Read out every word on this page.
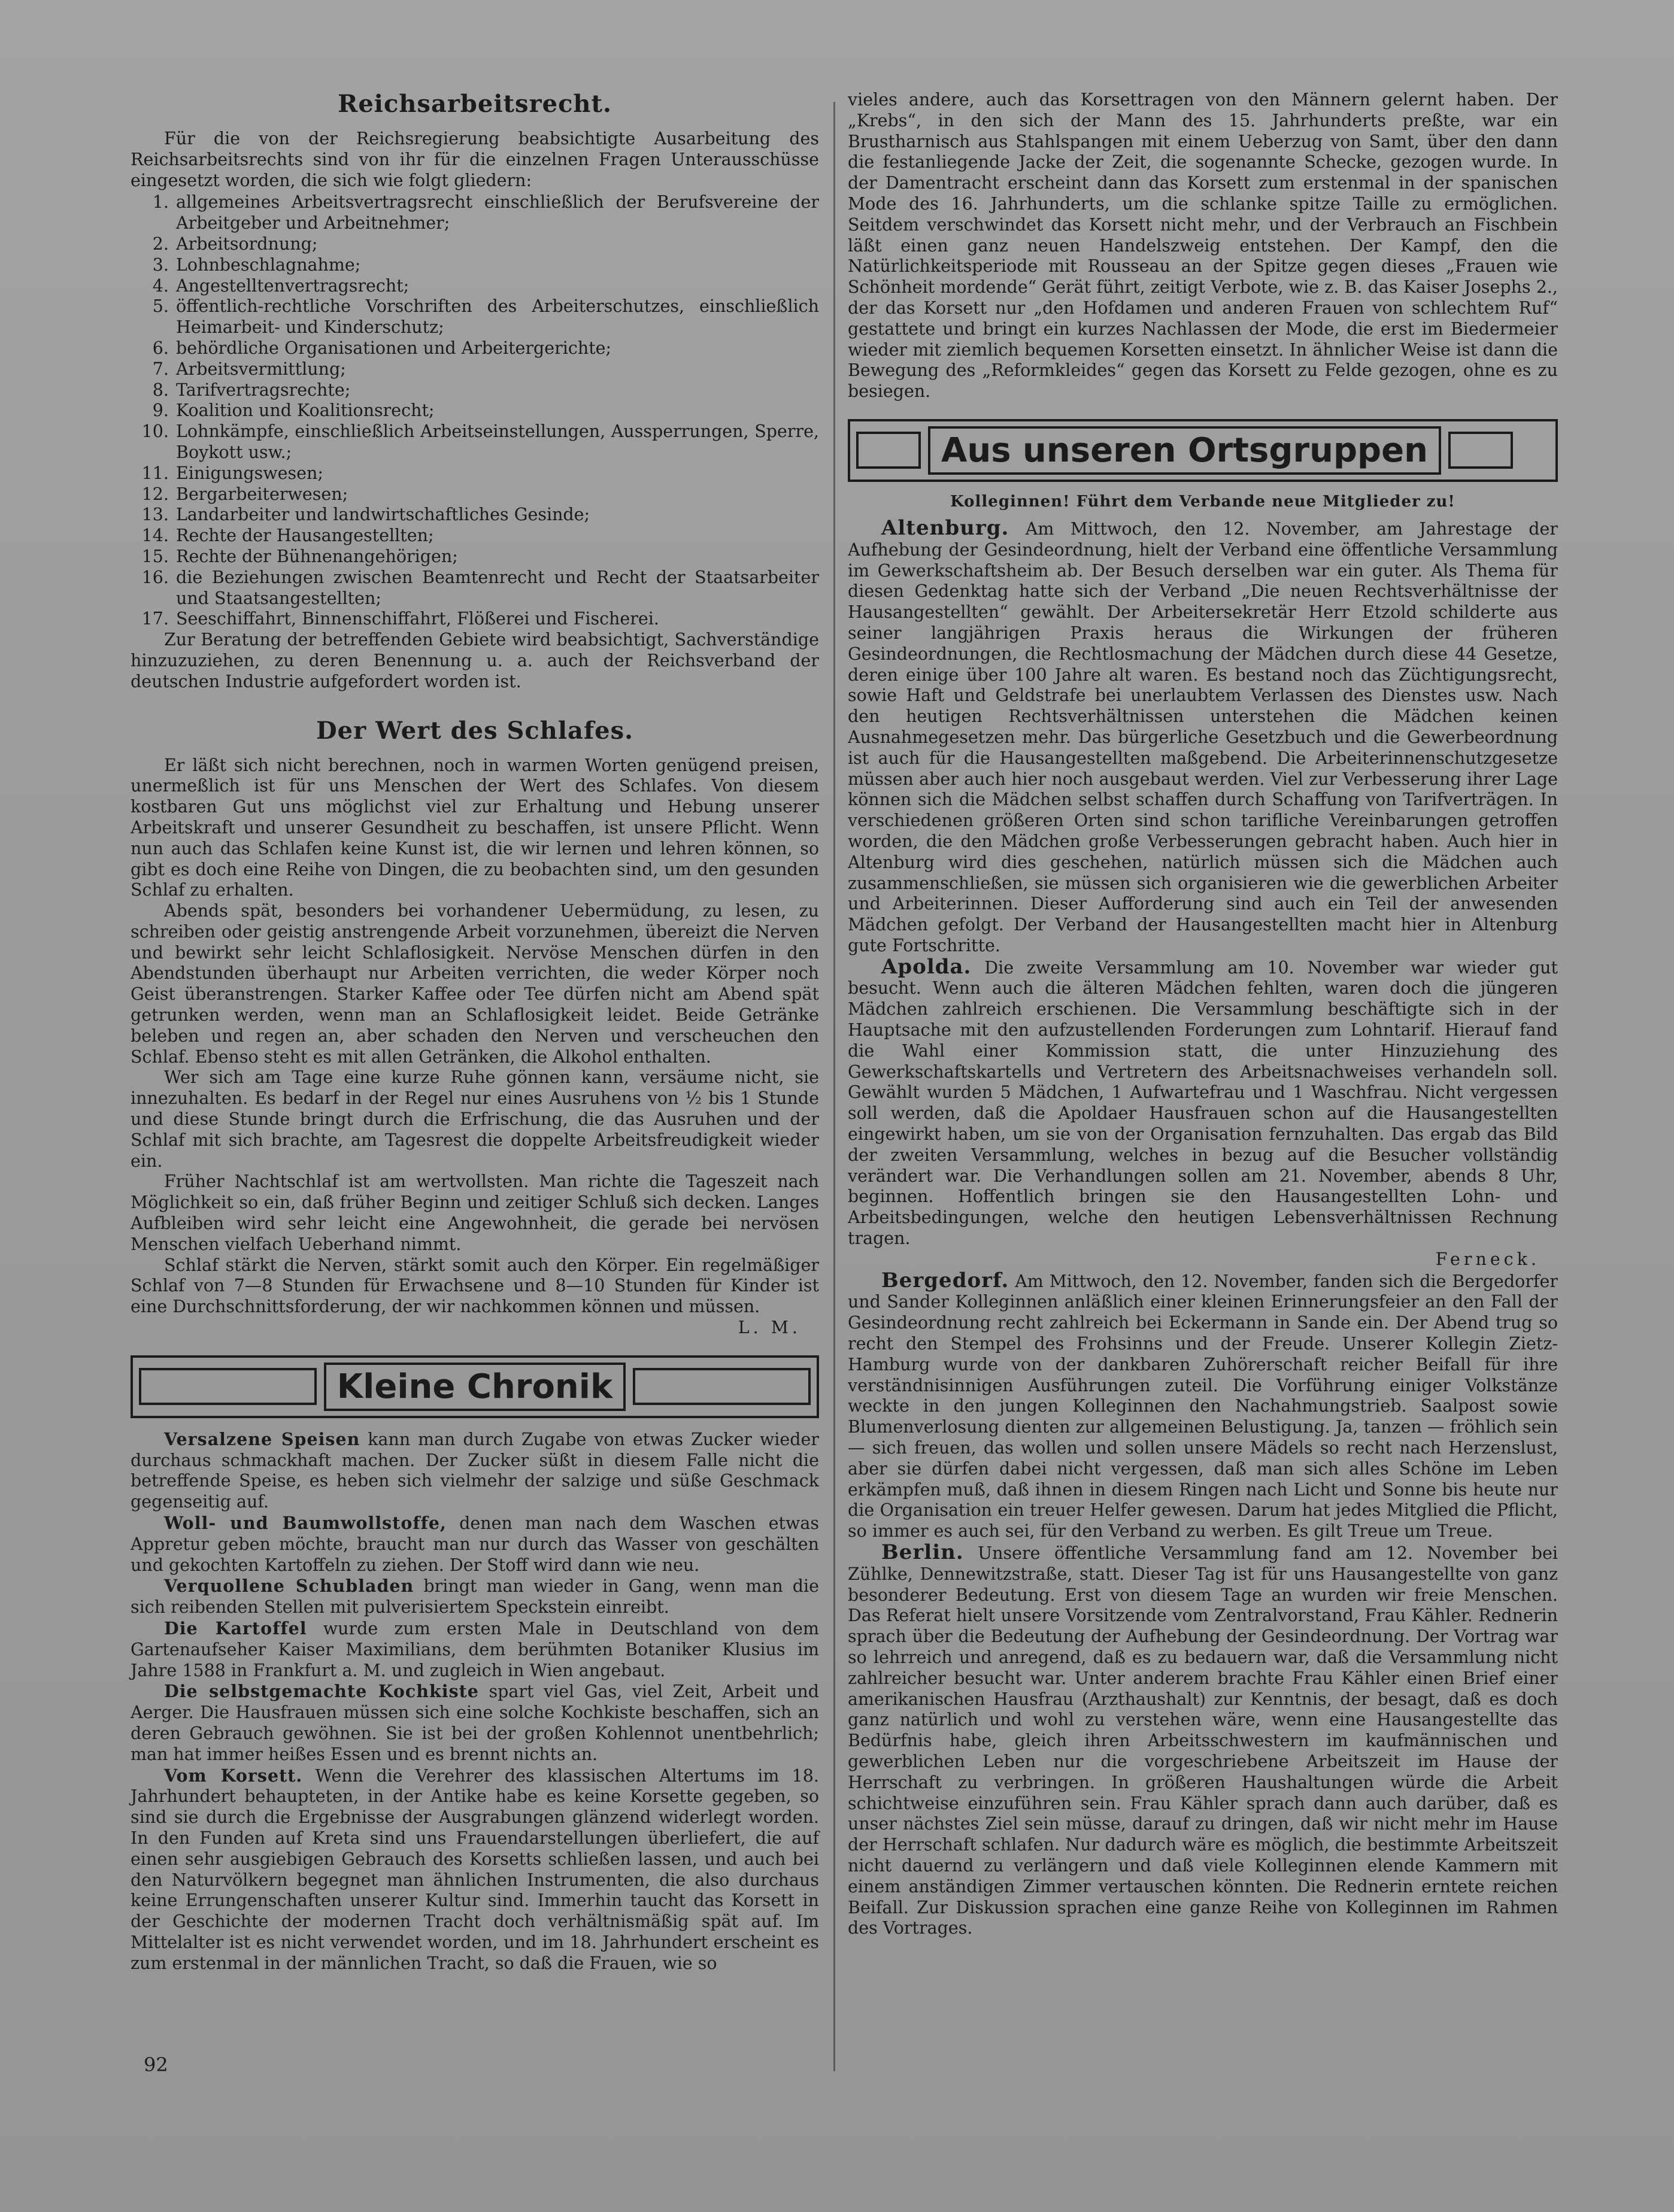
Reichsarbeitsrecht.

Für die von der Reichsregierung beabsichtigte Ausarbeitung des Reichsarbeitsrechts sind von ihr für die einzelnen Fragen Unterausschüsse eingesetzt worden, die sich wie folgt gliedern:

1. allgemeines Arbeitsvertragsrecht einschließlich der Berufsvereine der Arbeitgeber und Arbeitnehmer;
2. Arbeitsordnung;
3. Lohnbeschlagnahme;
4. Angestelltenvertragsrecht;
5. öffentlich-rechtliche Vorschriften des Arbeiterschutzes, einschließlich Heimarbeit- und Kinderschutz;
6. behördliche Organisationen und Arbeitergerichte;
7. Arbeitsvermittlung;
8. Tarifvertragsrechte;
9. Koalition und Koalitionsrecht;
10. Lohnkämpfe, einschließlich Arbeitseinstellungen, Aussperrungen, Sperre, Boykott usw.;
11. Einigungswesen;
12. Bergarbeiterwesen;
13. Landarbeiter und landwirtschaftliches Gesinde;
14. Rechte der Hausangestellten;
15. Rechte der Bühnenangehörigen;
16. die Beziehungen zwischen Beamtenrecht und Recht der Staatsarbeiter und Staatsangestellten;
17. Seeschiffahrt, Binnenschiffahrt, Flößerei und Fischerei.

Zur Beratung der betreffenden Gebiete wird beabsichtigt, Sachverständige hinzuzuziehen, zu deren Benennung u. a. auch der Reichsverband der deutschen Industrie aufgefordert worden ist.

Der Wert des Schlafes.

Er läßt sich nicht berechnen, noch in warmen Worten genügend preisen, unermeßlich ist für uns Menschen der Wert des Schlafes. Von diesem kostbaren Gut uns möglichst viel zur Erhaltung und Hebung unserer Arbeitskraft und unserer Gesundheit zu beschaffen, ist unsere Pflicht. Wenn nun auch das Schlafen keine Kunst ist, die wir lernen und lehren können, so gibt es doch eine Reihe von Dingen, die zu beobachten sind, um den gesunden Schlaf zu erhalten.

Abends spät, besonders bei vorhandener Uebermüdung, zu lesen, zu schreiben oder geistig anstrengende Arbeit vorzunehmen, übereizt die Nerven und bewirkt sehr leicht Schlaflosigkeit. Nervöse Menschen dürfen in den Abendstunden überhaupt nur Arbeiten verrichten, die weder Körper noch Geist überanstrengen. Starker Kaffee oder Tee dürfen nicht am Abend spät getrunken werden, wenn man an Schlaflosigkeit leidet. Beide Getränke beleben und regen an, aber schaden den Nerven und verscheuchen den Schlaf. Ebenso steht es mit allen Getränken, die Alkohol enthalten.

Wer sich am Tage eine kurze Ruhe gönnen kann, versäume nicht, sie innezuhalten. Es bedarf in der Regel nur eines Ausruhens von ½ bis 1 Stunde und diese Stunde bringt durch die Erfrischung, die das Ausruhen und der Schlaf mit sich brachte, am Tagesrest die doppelte Arbeitsfreudigkeit wieder ein.

Früher Nachtschlaf ist am wertvollsten. Man richte die Tageszeit nach Möglichkeit so ein, daß früher Beginn und zeitiger Schluß sich decken. Langes Aufbleiben wird sehr leicht eine Angewohnheit, die gerade bei nervösen Menschen vielfach Ueberhand nimmt.

Schlaf stärkt die Nerven, stärkt somit auch den Körper. Ein regelmäßiger Schlaf von 7—8 Stunden für Erwachsene und 8—10 Stunden für Kinder ist eine Durchschnittsforderung, der wir nachkommen können und müssen.

L. M.
Kleine Chronik

Versalzene Speisen kann man durch Zugabe von etwas Zucker wieder durchaus schmackhaft machen. Der Zucker süßt in diesem Falle nicht die betreffende Speise, es heben sich vielmehr der salzige und süße Geschmack gegenseitig auf.

Woll- und Baumwollstoffe, denen man nach dem Waschen etwas Appretur geben möchte, braucht man nur durch das Wasser von geschälten und gekochten Kartoffeln zu ziehen. Der Stoff wird dann wie neu.

Verquollene Schubladen bringt man wieder in Gang, wenn man die sich reibenden Stellen mit pulverisiertem Speckstein einreibt.

Die Kartoffel wurde zum ersten Male in Deutschland von dem Gartenaufseher Kaiser Maximilians, dem berühmten Botaniker Klusius im Jahre 1588 in Frankfurt a. M. und zugleich in Wien angebaut.

Die selbstgemachte Kochkiste spart viel Gas, viel Zeit, Arbeit und Aerger. Die Hausfrauen müssen sich eine solche Kochkiste beschaffen, sich an deren Gebrauch gewöhnen. Sie ist bei der großen Kohlennot unentbehrlich; man hat immer heißes Essen und es brennt nichts an.

Vom Korsett. Wenn die Verehrer des klassischen Altertums im 18. Jahrhundert behaupteten, in der Antike habe es keine Korsette gegeben, so sind sie durch die Ergebnisse der Ausgrabungen glänzend widerlegt worden. In den Funden auf Kreta sind uns Frauendarstellungen überliefert, die auf einen sehr ausgiebigen Gebrauch des Korsetts schließen lassen, und auch bei den Naturvölkern begegnet man ähnlichen Instrumenten, die also durchaus keine Errungenschaften unserer Kultur sind. Immerhin taucht das Korsett in der Geschichte der modernen Tracht doch verhältnismäßig spät auf. Im Mittelalter ist es nicht verwendet worden, und im 18. Jahrhundert erscheint es zum erstenmal in der männlichen Tracht, so daß die Frauen, wie so

92

vieles andere, auch das Korsettragen von den Männern gelernt haben. Der „Krebs“, in den sich der Mann des 15. Jahrhunderts preßte, war ein Brustharnisch aus Stahlspangen mit einem Ueberzug von Samt, über den dann die festanliegende Jacke der Zeit, die sogenannte Schecke, gezogen wurde. In der Damentracht erscheint dann das Korsett zum erstenmal in der spanischen Mode des 16. Jahrhunderts, um die schlanke spitze Taille zu ermöglichen. Seitdem verschwindet das Korsett nicht mehr, und der Verbrauch an Fischbein läßt einen ganz neuen Handelszweig entstehen. Der Kampf, den die Natürlichkeitsperiode mit Rousseau an der Spitze gegen dieses „Frauen wie Schönheit mordende“ Gerät führt, zeitigt Verbote, wie z. B. das Kaiser Josephs 2., der das Korsett nur „den Hofdamen und anderen Frauen von schlechtem Ruf“ gestattete und bringt ein kurzes Nachlassen der Mode, die erst im Biedermeier wieder mit ziemlich bequemen Korsetten einsetzt. In ähnlicher Weise ist dann die Bewegung des „Reformkleides“ gegen das Korsett zu Felde gezogen, ohne es zu besiegen.

Aus unseren Ortsgruppen
Kolleginnen! Führt dem Verbande neue Mitglieder zu!

Altenburg. Am Mittwoch, den 12. November, am Jahrestage der Aufhebung der Gesindeordnung, hielt der Verband eine öffentliche Versammlung im Gewerkschaftsheim ab. Der Besuch derselben war ein guter. Als Thema für diesen Gedenktag hatte sich der Verband „Die neuen Rechtsverhältnisse der Hausangestellten“ gewählt. Der Arbeitersekretär Herr Etzold schilderte aus seiner langjährigen Praxis heraus die Wirkungen der früheren Gesindeordnungen, die Rechtlosmachung der Mädchen durch diese 44 Gesetze, deren einige über 100 Jahre alt waren. Es bestand noch das Züchtigungsrecht, sowie Haft und Geldstrafe bei unerlaubtem Verlassen des Dienstes usw. Nach den heutigen Rechtsverhältnissen unterstehen die Mädchen keinen Ausnahmegesetzen mehr. Das bürgerliche Gesetzbuch und die Gewerbeordnung ist auch für die Hausangestellten maßgebend. Die Arbeiterinnenschutzgesetze müssen aber auch hier noch ausgebaut werden. Viel zur Verbesserung ihrer Lage können sich die Mädchen selbst schaffen durch Schaffung von Tarifverträgen. In verschiedenen größeren Orten sind schon tarifliche Vereinbarungen getroffen worden, die den Mädchen große Verbesserungen gebracht haben. Auch hier in Altenburg wird dies geschehen, natürlich müssen sich die Mädchen auch zusammenschließen, sie müssen sich organisieren wie die gewerblichen Arbeiter und Arbeiterinnen. Dieser Aufforderung sind auch ein Teil der anwesenden Mädchen gefolgt. Der Verband der Hausangestellten macht hier in Altenburg gute Fortschritte.

Apolda. Die zweite Versammlung am 10. November war wieder gut besucht. Wenn auch die älteren Mädchen fehlten, waren doch die jüngeren Mädchen zahlreich erschienen. Die Versammlung beschäftigte sich in der Hauptsache mit den aufzustellenden Forderungen zum Lohntarif. Hierauf fand die Wahl einer Kommission statt, die unter Hinzuziehung des Gewerkschaftskartells und Vertretern des Arbeitsnachweises verhandeln soll. Gewählt wurden 5 Mädchen, 1 Aufwartefrau und 1 Waschfrau. Nicht vergessen soll werden, daß die Apoldaer Hausfrauen schon auf die Hausangestellten eingewirkt haben, um sie von der Organisation fernzuhalten. Das ergab das Bild der zweiten Versammlung, welches in bezug auf die Besucher vollständig verändert war. Die Verhandlungen sollen am 21. November, abends 8 Uhr, beginnen. Hoffentlich bringen sie den Hausangestellten Lohn- und Arbeitsbedingungen, welche den heutigen Lebensverhältnissen Rechnung tragen.

Ferneck.

Bergedorf. Am Mittwoch, den 12. November, fanden sich die Bergedorfer und Sander Kolleginnen anläßlich einer kleinen Erinnerungsfeier an den Fall der Gesindeordnung recht zahlreich bei Eckermann in Sande ein. Der Abend trug so recht den Stempel des Frohsinns und der Freude. Unserer Kollegin Zietz-Hamburg wurde von der dankbaren Zuhörerschaft reicher Beifall für ihre verständnisinnigen Ausführungen zuteil. Die Vorführung einiger Volkstänze weckte in den jungen Kolleginnen den Nachahmungstrieb. Saalpost sowie Blumenverlosung dienten zur allgemeinen Belustigung. Ja, tanzen — fröhlich sein — sich freuen, das wollen und sollen unsere Mädels so recht nach Herzenslust, aber sie dürfen dabei nicht vergessen, daß man sich alles Schöne im Leben erkämpfen muß, daß ihnen in diesem Ringen nach Licht und Sonne bis heute nur die Organisation ein treuer Helfer gewesen. Darum hat jedes Mitglied die Pflicht, so immer es auch sei, für den Verband zu werben. Es gilt Treue um Treue.

Berlin. Unsere öffentliche Versammlung fand am 12. November bei Zühlke, Dennewitzstraße, statt. Dieser Tag ist für uns Hausangestellte von ganz besonderer Bedeutung. Erst von diesem Tage an wurden wir freie Menschen. Das Referat hielt unsere Vorsitzende vom Zentralvorstand, Frau Kähler. Rednerin sprach über die Bedeutung der Aufhebung der Gesindeordnung. Der Vortrag war so lehrreich und anregend, daß es zu bedauern war, daß die Versammlung nicht zahlreicher besucht war. Unter anderem brachte Frau Kähler einen Brief einer amerikanischen Hausfrau (Arzthaushalt) zur Kenntnis, der besagt, daß es doch ganz natürlich und wohl zu verstehen wäre, wenn eine Hausangestellte das Bedürfnis habe, gleich ihren Arbeitsschwestern im kaufmännischen und gewerblichen Leben nur die vorgeschriebene Arbeitszeit im Hause der Herrschaft zu verbringen. In größeren Haushaltungen würde die Arbeit schichtweise einzuführen sein. Frau Kähler sprach dann auch darüber, daß es unser nächstes Ziel sein müsse, darauf zu dringen, daß wir nicht mehr im Hause der Herrschaft schlafen. Nur dadurch wäre es möglich, die bestimmte Arbeitszeit nicht dauernd zu verlängern und daß viele Kolleginnen elende Kammern mit einem anständigen Zimmer vertauschen könnten. Die Rednerin erntete reichen Beifall. Zur Diskussion sprachen eine ganze Reihe von Kolleginnen im Rahmen des Vortrages.
